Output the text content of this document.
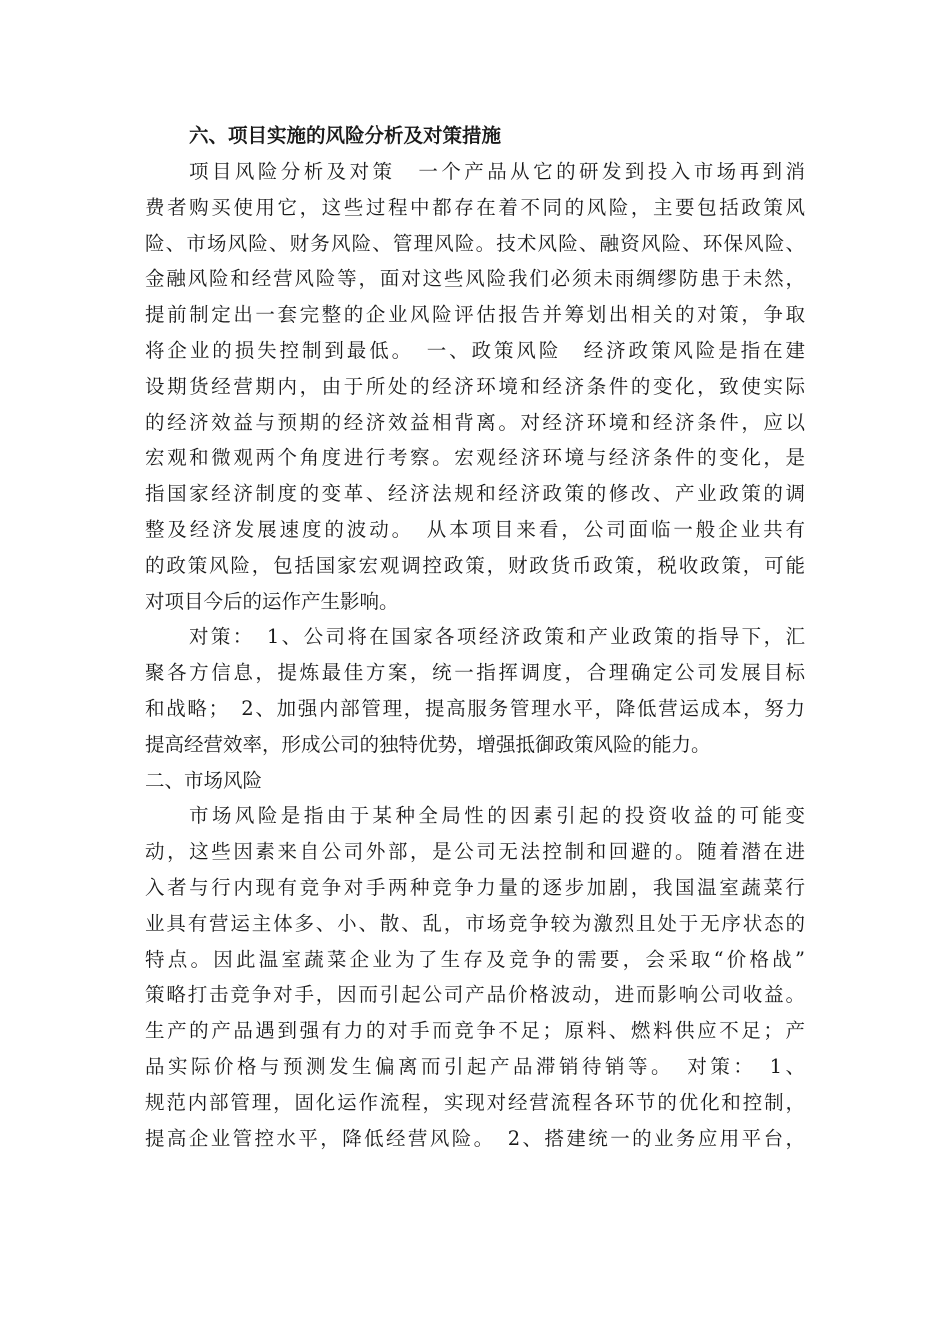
六、项目实施的风险分析及对策措施
项目风险分析及对策　一个产品从它的研发到投入市场再到消
费者购买使用它，这些过程中都存在着不同的风险，主要包括政策风
险、市场风险、财务风险、管理风险。技术风险、融资风险、环保风险、
金融风险和经营风险等，面对这些风险我们必须未雨绸缪防患于未然，
提前制定出一套完整的企业风险评估报告并筹划出相关的对策，争取
将企业的损失控制到最低。　一、政策风险　经济政策风险是指在建
设期货经营期内，由于所处的经济环境和经济条件的变化，致使实际
的经济效益与预期的经济效益相背离。对经济环境和经济条件，应以
宏观和微观两个角度进行考察。宏观经济环境与经济条件的变化，是
指国家经济制度的变革、经济法规和经济政策的修改、产业政策的调
整及经济发展速度的波动。　从本项目来看，公司面临一般企业共有
的政策风险，包括国家宏观调控政策，财政货币政策，税收政策，可能
对项目今后的运作产生影响。
对策：　1、公司将在国家各项经济政策和产业政策的指导下，汇
聚各方信息，提炼最佳方案，统一指挥调度，合理确定公司发展目标
和战略；　2、加强内部管理，提高服务管理水平，降低营运成本，努力
提高经营效率，形成公司的独特优势，增强抵御政策风险的能力。
二、市场风险
市场风险是指由于某种全局性的因素引起的投资收益的可能变
动，这些因素来自公司外部，是公司无法控制和回避的。随着潜在进
入者与行内现有竞争对手两种竞争力量的逐步加剧，我国温室蔬菜行
业具有营运主体多、小、散、乱，市场竞争较为激烈且处于无序状态的
特点。因此温室蔬菜企业为了生存及竞争的需要，会采取“价格战”
策略打击竞争对手，因而引起公司产品价格波动，进而影响公司收益。
生产的产品遇到强有力的对手而竞争不足；原料、燃料供应不足；产
品实际价格与预测发生偏离而引起产品滞销待销等。　对策：　1、
规范内部管理，固化运作流程，实现对经营流程各环节的优化和控制，
提高企业管控水平，降低经营风险。　2、搭建统一的业务应用平台，
